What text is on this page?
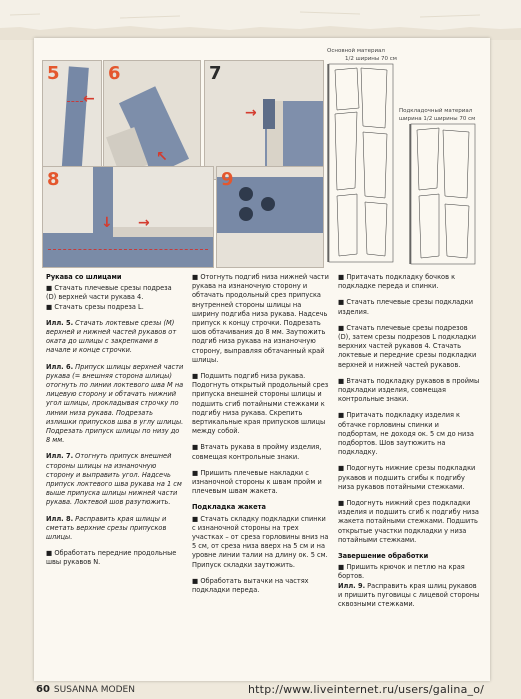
←
5
↖
6
→
7
↓ →
8	9
Основной материал
1/2 ширины 70 см
Подкладочный материал
ширина 1/2 ширины 70 см

Рукава со шлицами

■ Стачать плечевые срезы подреза (D) верхней части рукава 4.

■ Стачать срезы подреза L.

Илл. 5. Стачать локтевые срезы (М) верхней и нижней частей рукавов от оката до шлицы с закрепками в начале и конце строчки.

Илл. 6. Припуск шлицы верхней части рукава (= внешняя сторона шлицы) отогнуть по линии локтевого шва М на лицевую сторону и обтачать нижний угол шлицы, прокладывая строчку по линии низа рукава. Подрезать излишки припусков шва в углу шлицы. Подрезать припуск шлицы по низу до 8 мм.

Илл. 7. Отогнуть припуск внешней стороны шлицы на изнаночную сторону и выправить угол. Надсечь припуск локтевого шва рукава на 1 см выше припуска шлицы нижней части рукава. Локтевой шов разутюжить.

Илл. 8. Расправить края шлицы и сметать верхние срезы припусков шлицы.

■ Обработать передние продольные швы рукавов N.

■ Отогнуть подгиб низа нижней части рукава на изнаночную сторону и обтачать продольный срез припуска внутренней стороны шлицы на ширину подгиба низа рукава. Надсечь припуск к концу строчки. Подрезать шов обтачивания до 8 мм. Заутюжить подгиб низа рукава на изнаночную сторону, выправляя обтачанный край шлицы.

■ Подшить подгиб низа рукава. Подогнуть открытый продольный срез припуска внешней стороны шлицы и подшить сгиб потайными стежками к подгибу низа рукава. Скрепить вертикальные края припусков шлицы между собой.

■ Втачать рукава в пройму изделия, совмещая контрольные знаки.

■ Пришить плечевые накладки с изнаночной стороны к швам пройм и плечевым швам жакета.

Подкладка жакета

■ Стачать складку подкладки спинки с изнаночной стороны на трех участках – от среза горловины вниз на 5 см, от среза низа вверх на 5 см и на уровне линии талии на длину ок. 5 см. Припуск складки заутюжить.

■ Обработать вытачки на частях подкладки переда.

■ Притачать подкладку бочков к подкладке переда и спинки.

■ Стачать плечевые срезы подкладки изделия.

■ Стачать плечевые срезы подрезов (D), затем срезы подрезов L подкладки верхних частей рукавов 4. Стачать локтевые и передние срезы подкладки верхней и нижней частей рукавов.

■ Втачать подкладку рукавов в проймы подкладки изделия, совмещая контрольные знаки.

■ Притачать подкладку изделия к обтачке горловины спинки и подбортам, не доходя ок. 5 см до низа подбортов. Шов заутюжить на подкладку.

■ Подогнуть нижние срезы подкладки рукавов и подшить сгибы к подгибу низа рукавов потайными стежками.

■ Подогнуть нижний срез подкладки изделия и подшить сгиб к подгибу низа жакета потайными стежками. Подшить открытые участки подкладки у низа потайными стежками.

Завершение обработки

■ Пришить крючок и петлю на края бортов.

Илл. 9. Расправить края шлиц рукавов и пришить пуговицы с лицевой стороны сквозными стежками.

60 SUSANNA MODEN	http://www.liveinternet.ru/users/galina_o/
